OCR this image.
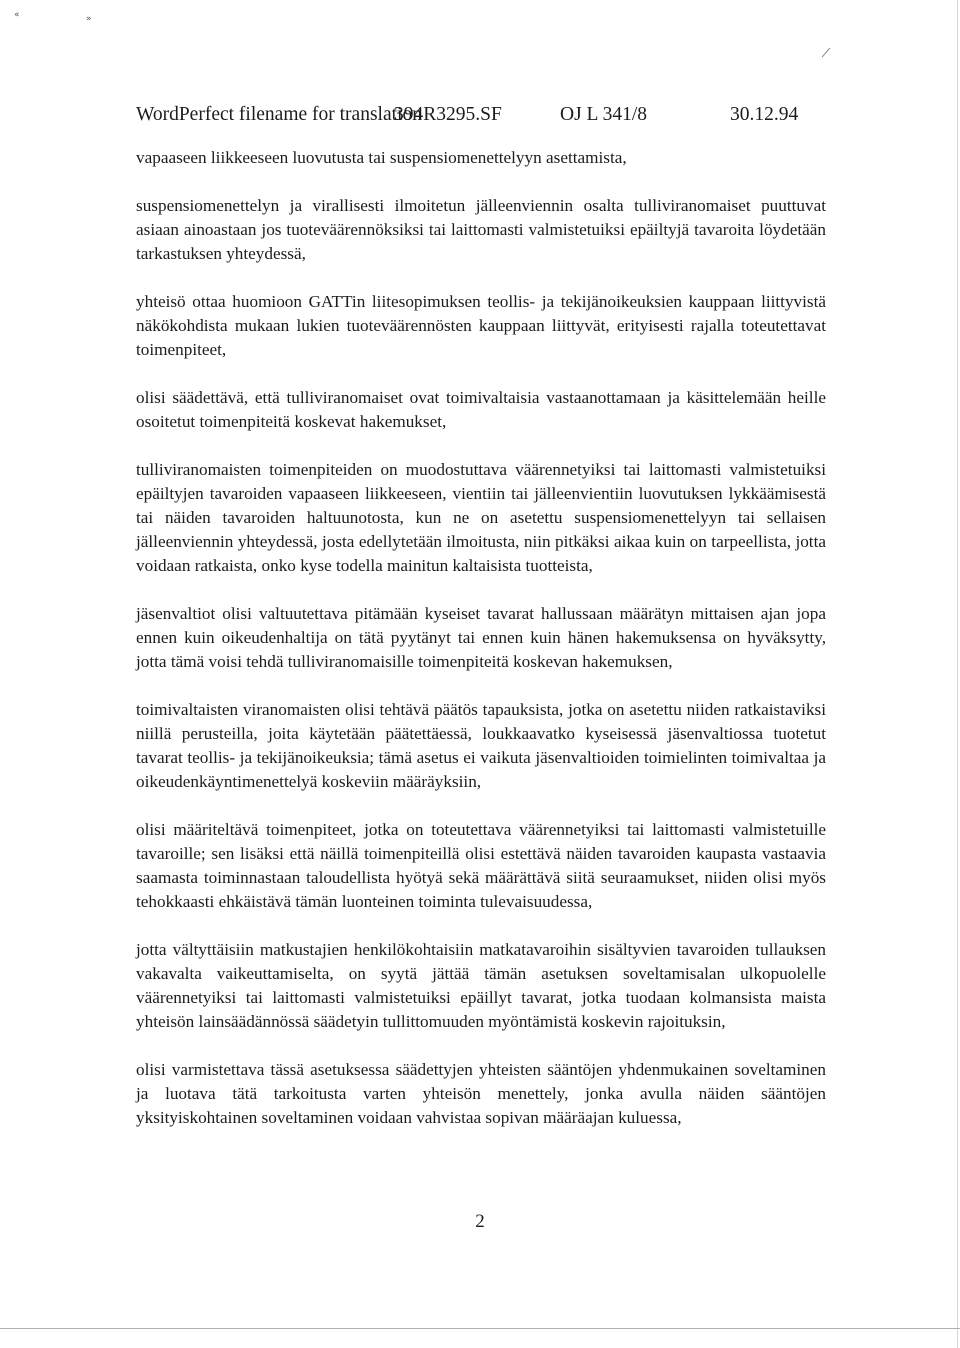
«	»
WordPerfect filename for translation
394R3295.SF	OJ L 341/8	30.12.94

vapaaseen liikkeeseen luovutusta tai suspensiomenettelyyn asettamista,

suspensiomenettelyn ja virallisesti ilmoitetun jälleenviennin osalta tulliviranomaiset puuttuvat asiaan ainoastaan jos tuoteväärennöksiksi tai laittomasti valmistetuiksi epäiltyjä tavaroita löydetään tarkastuksen yhteydessä,

yhteisö ottaa huomioon GATTin liitesopimuksen teollis- ja tekijänoikeuksien kauppaan liittyvistä näkökohdista mukaan lukien tuoteväärennösten kauppaan liittyvät, erityisesti rajalla toteutettavat toimenpiteet,

olisi säädettävä, että tulliviranomaiset ovat toimivaltaisia vastaanottamaan ja käsittelemään heille osoitetut toimenpiteitä koskevat hakemukset,

tulliviranomaisten toimenpiteiden on muodostuttava väärennetyiksi tai laittomasti valmistetuiksi epäiltyjen tavaroiden vapaaseen liikkeeseen, vientiin tai jälleenvientiin luovutuksen lykkäämisestä tai näiden tavaroiden haltuunotosta, kun ne on asetettu suspensiomenettelyyn tai sellaisen jälleenviennin yhteydessä, josta edellytetään ilmoitusta, niin pitkäksi aikaa kuin on tarpeellista, jotta voidaan ratkaista, onko kyse todella mainitun kaltaisista tuotteista,

jäsenvaltiot olisi valtuutettava pitämään kyseiset tavarat hallussaan määrätyn mittaisen ajan jopa ennen kuin oikeudenhaltija on tätä pyytänyt tai ennen kuin hänen hakemuksensa on hyväksytty, jotta tämä voisi tehdä tulliviranomaisille toimenpiteitä koskevan hakemuksen,

toimivaltaisten viranomaisten olisi tehtävä päätös tapauksista, jotka on asetettu niiden ratkaistaviksi niillä perusteilla, joita käytetään päätettäessä, loukkaavatko kyseisessä jäsenvaltiossa tuotetut tavarat teollis- ja tekijänoikeuksia; tämä asetus ei vaikuta jäsenvaltioiden toimielinten toimivaltaa ja oikeudenkäyntimenettelyä koskeviin määräyksiin,

olisi määriteltävä toimenpiteet, jotka on toteutettava väärennetyiksi tai laittomasti valmistetuille tavaroille; sen lisäksi että näillä toimenpiteillä olisi estettävä näiden tavaroiden kaupasta vastaavia saamasta toiminnastaan taloudellista hyötyä sekä määrättävä siitä seuraamukset, niiden olisi myös tehokkaasti ehkäistävä tämän luonteinen toiminta tulevaisuudessa,

jotta vältyttäisiin matkustajien henkilökohtaisiin matkatavaroihin sisältyvien tavaroiden tullauksen vakavalta vaikeuttamiselta, on syytä jättää tämän asetuksen soveltamisalan ulkopuolelle väärennetyiksi tai laittomasti valmistetuiksi epäillyt tavarat, jotka tuodaan kolmansista maista yhteisön lainsäädännössä säädetyin tullittomuuden myöntämistä koskevin rajoituksin,

olisi varmistettava tässä asetuksessa säädettyjen yhteisten sääntöjen yhdenmukainen soveltaminen ja luotava tätä tarkoitusta varten yhteisön menettely, jonka avulla näiden sääntöjen yksityiskohtainen soveltaminen voidaan vahvistaa sopivan määräajan kuluessa,

2
